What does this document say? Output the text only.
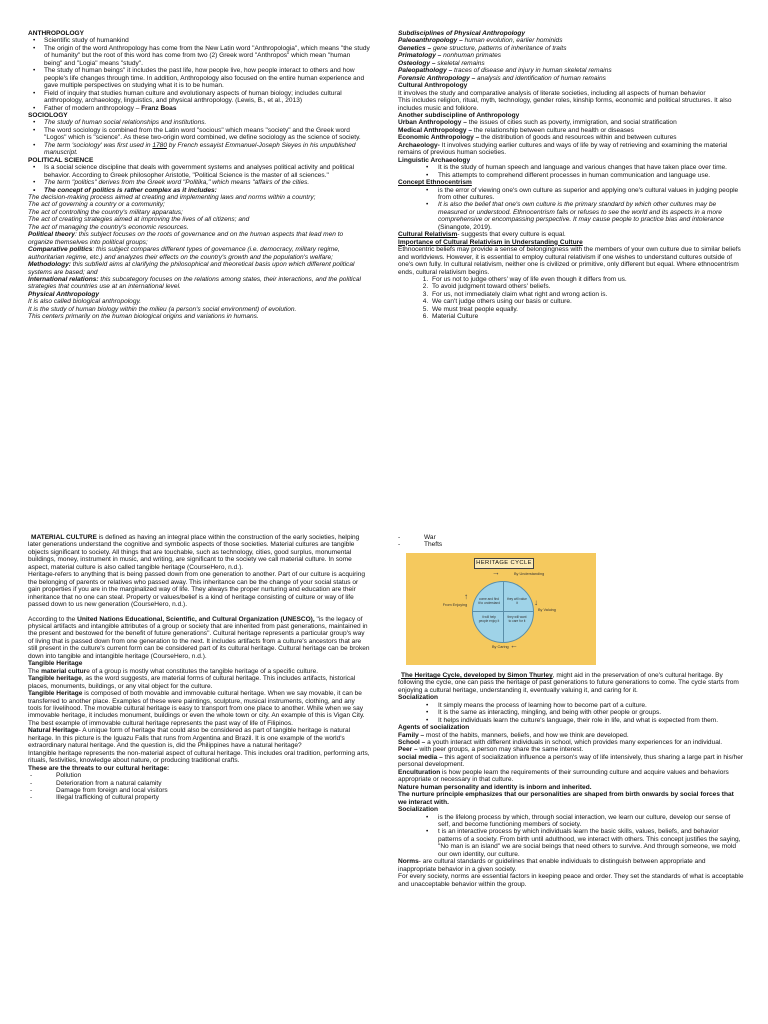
ANTHROPOLOGY

• Scientific study of humankind
• The origin of the word Anthropology has come from the New Latin word "Anthropologia", which means "the study of humanity" but the root of this word has come from two (2) Greek word "Anthropos" which mean "human being" and "Logia" means "study".
• The study of human beings" it includes the past life, how people live, how people interact to others and how people's life changes through time. In addition, Anthropology also focused on the entire human experience and gave multiple perspectives on studying what it is to be human.
• Field of inquiry that studies human culture and evolutionary aspects of human biology; includes cultural anthropology, archaeology, linguistics, and physical anthropology. (Lewis, B., et al., 2013)
• Father of modern anthropology – Franz Boas

SOCIOLOGY

• The study of human social relationships and institutions.
• The word sociology is combined from the Latin word "socious" which means "society" and the Greek word "Logos" which is "science". As these two-origin word combined, we define sociology as the science of society.
• The term 'sociology' was first used in 1780 by French essayist Emmanuel-Joseph Sieyes in his unpublished manuscript.

POLITICAL SCIENCE

• Is a social science discipline that deals with government systems and analyses political activity and political behavior. According to Greek philosopher Aristotle, "Political Science is the master of all sciences."
• The term "politics" derives from the Greek word "Politika," which means "affairs of the cities.
• The concept of politics is rather complex as it includes:

The decision-making process aimed at creating and implementing laws and norms within a country;

The act of governing a country or a community;

The act of controlling the country's military apparatus;

The act of creating strategies aimed at improving the lives of all citizens; and

The act of managing the country's economic resources.

Political theory: this subject focuses on the roots of governance and on the human aspects that lead men to organize themselves into political groups;

Comparative politics: this subject compares different types of governance (i.e. democracy, military regime, authoritarian regime, etc.) and analyzes their effects on the country's growth and the population's welfare;

Methodology: this subfield aims at clarifying the philosophical and theoretical basis upon which different political systems are based; and

International relations: this subcategory focuses on the relations among states, their interactions, and the political strategies that countries use at an international level.

Physical Anthropology

It is also called biological anthropology.

It is the study of human biology within the milieu (a person's social environment) of evolution.

This centers primarily on the human biological origins and variations in humans.

Subdisciplines of Physical Anthropology

Paleoanthropology – human evolution, earlier hominids

Genetics – gene structure, patterns of inheritance of traits

Primatology – nonhuman primates

Osteology – skeletal remains

Paleopathology – traces of disease and injury in human skeletal remains

Forensic Anthropology – analysis and identification of human remains

Cultural Anthropology

It involves the study and comparative analysis of literate societies, including all aspects of human behavior

This includes religion, ritual, myth, technology, gender roles, kinship forms, economic and political structures. It also includes music and folklore.

Another subdiscipline of Anthropology

Urban Anthropology – the issues of cities such as poverty, immigration, and social stratification

Medical Anthropology – the relationship between culture and health or diseases

Economic Anthropology – the distribution of goods and resources within and between cultures

Archaeology- It involves studying earlier cultures and ways of life by way of retrieving and examining the material remains of previous human societies.

Linguistic Archaeology

• It is the study of human speech and language and various changes that have taken place over time.
• This attempts to comprehend different processes in human communication and language use.

Concept Ethnocentrism

• is the error of viewing one's own culture as superior and applying one's cultural values in judging people from other cultures.
• It is also the belief that one's own culture is the primary standard by which other cultures may be measured or understood. Ethnocentrism fails or refuses to see the world and its aspects in a more comprehensive or encompassing perspective. It may cause people to practice bias and intolerance (Sinangote, 2019).

Cultural Relativism- suggests that every culture is equal.

Importance of Cultural Relativism in Understanding Culture

Ethnocentric beliefs may provide a sense of belongingness with the members of your own culture due to similar beliefs and worldviews. However, it is essential to employ cultural relativism if one wishes to understand cultures outside of one's own fully. In cultural relativism, neither one is civilized or primitive, only different but equal. Where ethnocentrism ends, cultural relativism begins.

1. For us not to judge others' way of life even though it differs from us.
2. To avoid judgment toward others' beliefs.
3. For us, not immediately claim what right and wrong action is.
4. We can't judge others using our basis or culture.
5. We must treat people equally.
6. Material Culture

MATERIAL CULTURE is defined as having an integral place within the construction of the early societies, helping later generations understand the cognitive and symbolic aspects of those societies. Material cultures are tangible objects significant to society. All things that are touchable, such as technology, cities, good surplus, monumental buildings, money, instrument in music, and writing, are significant to the society we call material culture. In some aspect, material culture is also called tangible heritage (CourseHero, n.d.).

Heritage-refers to anything that is being passed down from one generation to another. Part of our culture is acquiring the belonging of parents or relatives who passed away. This inheritance can be the change of your social status or gain properties if you are in the marginalized way of life. They always the proper nurturing and education are their inheritance that no one can steal. Property or values/belief is a kind of heritage consisting of culture or way of life passed down to us new generation (CourseHero, n.d.).

According to the United Nations Educational, Scientific, and Cultural Organization (UNESCO), "is the legacy of physical artifacts and intangible attributes of a group or society that are inherited from past generations, maintained in the present and bestowed for the benefit of future generations". Cultural heritage represents a particular group's way of living that is passed down from one generation to the next. It includes artifacts from a culture's ancestors that are still present in the culture's current form can be considered part of its cultural heritage. Cultural heritage can be broken down into tangible and intangible heritage (CourseHero, n.d.).

Tangible Heritage

The material culture of a group is mostly what constitutes the tangible heritage of a specific culture.

Tangible heritage, as the word suggests, are material forms of cultural heritage. This includes artifacts, historical places, monuments, buildings, or any vital object for the culture.

Tangible Heritage is composed of both movable and immovable cultural heritage. When we say movable, it can be transferred to another place. Examples of these were paintings, sculpture, musical instruments, clothing, and any tools for livelihood. The movable cultural heritage is easy to transport from one place to another. While when we say immovable heritage, it includes monument, buildings or even the whole town or city. An example of this is Vigan City. The best example of immovable cultural heritage represents the past way of life of Filipinos.

Natural Heritage- A unique form of heritage that could also be considered as part of tangible heritage is natural heritage. In this picture is the Iguazu Falls that runs from Argentina and Brazil. It is one example of the world's extraordinary natural heritage. And the question is, did the Philippines have a natural heritage?

Intangible heritage represents the non-material aspect of cultural heritage. This includes oral tradition, performing arts, rituals, festivities, knowledge about nature, or producing traditional crafts.

These are the threats to our cultural heritage:

- Pollution
- Deterioration from a natural calamity
- Damage from foreign and local visitors
- Illegal trafficking of cultural property
- War
- Thefts
HERITAGE CYCLE
By Understanding
→
By Valuing
↓
By Caring ←
From Enjoying
↑	come and find it to understand
they will value it
it will help people enjoy it
they will want to care for it

The Heritage Cycle, developed by Simon Thurley, might aid in the preservation of one's cultural heritage. By following the cycle, one can pass the heritage of past generations to future generations to come. The cycle starts from enjoying a cultural heritage, understanding it, eventually valuing it, and caring for it.

Socialization

• It simply means the process of learning how to become part of a culture.
• It is the same as interacting, mingling, and being with other people or groups.
• It helps individuals learn the culture's language, their role in life, and what is expected from them.

Agents of socialization

Family – most of the habits, manners, beliefs, and how we think are developed.

School – a youth interact with different individuals in school, which provides many experiences for an individual.

Peer – with peer groups, a person may share the same interest.

social media – this agent of socialization influence a person's way of life intensively, thus sharing a large part in his/her personal development.

Enculturation is how people learn the requirements of their surrounding culture and acquire values and behaviors appropriate or necessary in that culture.

Nature human personality and identity is inborn and inherited.

The nurture principle emphasizes that our personalities are shaped from birth onwards by social forces that we interact with.

Socialization

• is the lifelong process by which, through social interaction, we learn our culture, develop our sense of self, and become functioning members of society.
• t is an interactive process by which individuals learn the basic skills, values, beliefs, and behavior patterns of a society. From birth until adulthood, we interact with others. This concept justifies the saying, "No man is an island" we are social beings that need others to survive. And through someone, we mold our own identity, our culture.

Norms- are cultural standards or guidelines that enable individuals to distinguish between appropriate and inappropriate behavior in a given society.

For every society, norms are essential factors in keeping peace and order. They set the standards of what is acceptable and unacceptable behavior within the group.
